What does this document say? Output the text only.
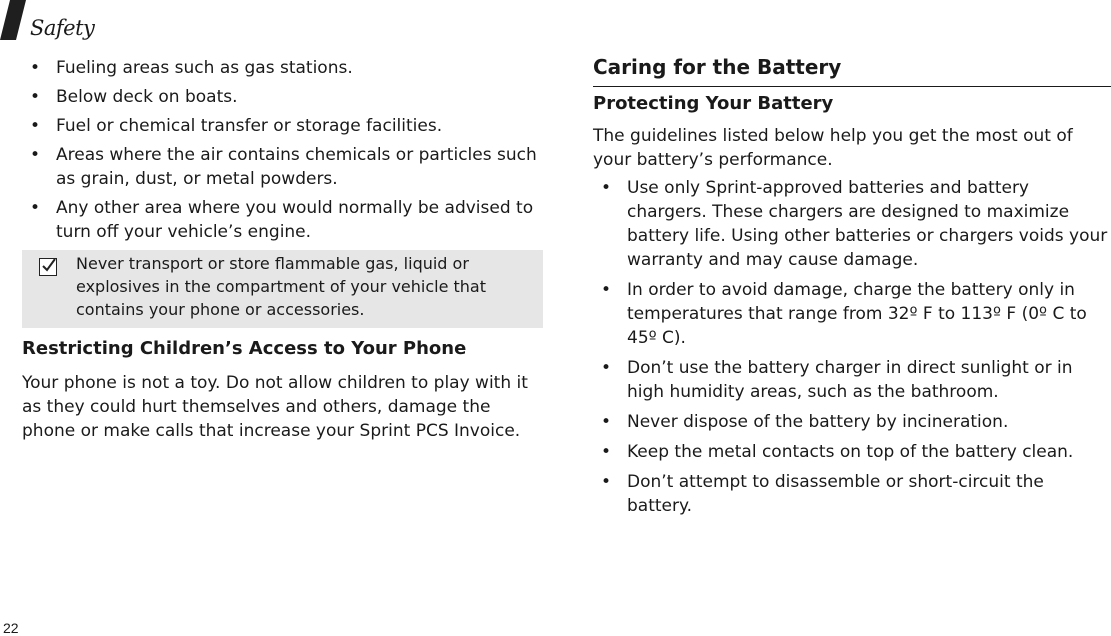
Safety
• Fueling areas such as gas stations.
• Below deck on boats.
• Fuel or chemical transfer or storage facilities.
• Areas where the air contains chemicals or particles such as grain, dust, or metal powders.
• Any other area where you would normally be advised to turn off your vehicle’s engine.
Never transport or store flammable gas, liquid or explosives in the compartment of your vehicle that contains your phone or accessories.
Restricting Children’s Access to Your Phone

Your phone is not a toy. Do not allow children to play with it as they could hurt themselves and others, damage the phone or make calls that increase your Sprint PCS Invoice.

Caring for the Battery
Protecting Your Battery

The guidelines listed below help you get the most out of your battery’s performance.

• Use only Sprint-approved batteries and battery chargers. These chargers are designed to maximize battery life. Using other batteries or chargers voids your warranty and may cause damage.
• In order to avoid damage, charge the battery only in temperatures that range from 32º F to 113º F (0º C to 45º C).
• Don’t use the battery charger in direct sunlight or in high humidity areas, such as the bathroom.
• Never dispose of the battery by incineration.
• Keep the metal contacts on top of the battery clean.
• Don’t attempt to disassemble or short-circuit the battery.
22
